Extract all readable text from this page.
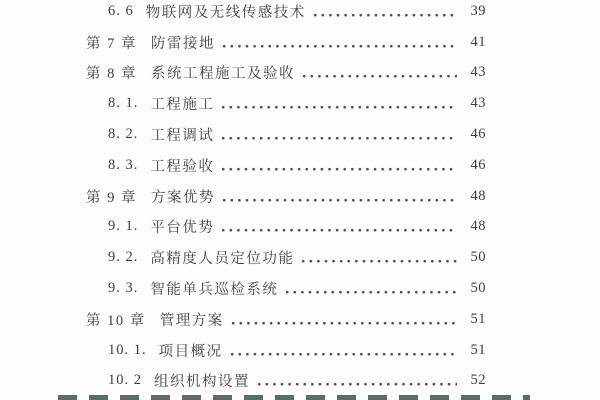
6. 6 物联网及无线传感技术	39
第 7 章 防雷接地	41
第 8 章 系统工程施工及验收	43
8. 1. 工程施工	43
8. 2. 工程调试	46
8. 3. 工程验收	46
第 9 章 方案优势	48
9. 1. 平台优势	48
9. 2. 高精度人员定位功能	50
9. 3. 智能单兵巡检系统	50
第 10 章 管理方案	51
10. 1. 项目概况	51
10. 2 组织机构设置	52
